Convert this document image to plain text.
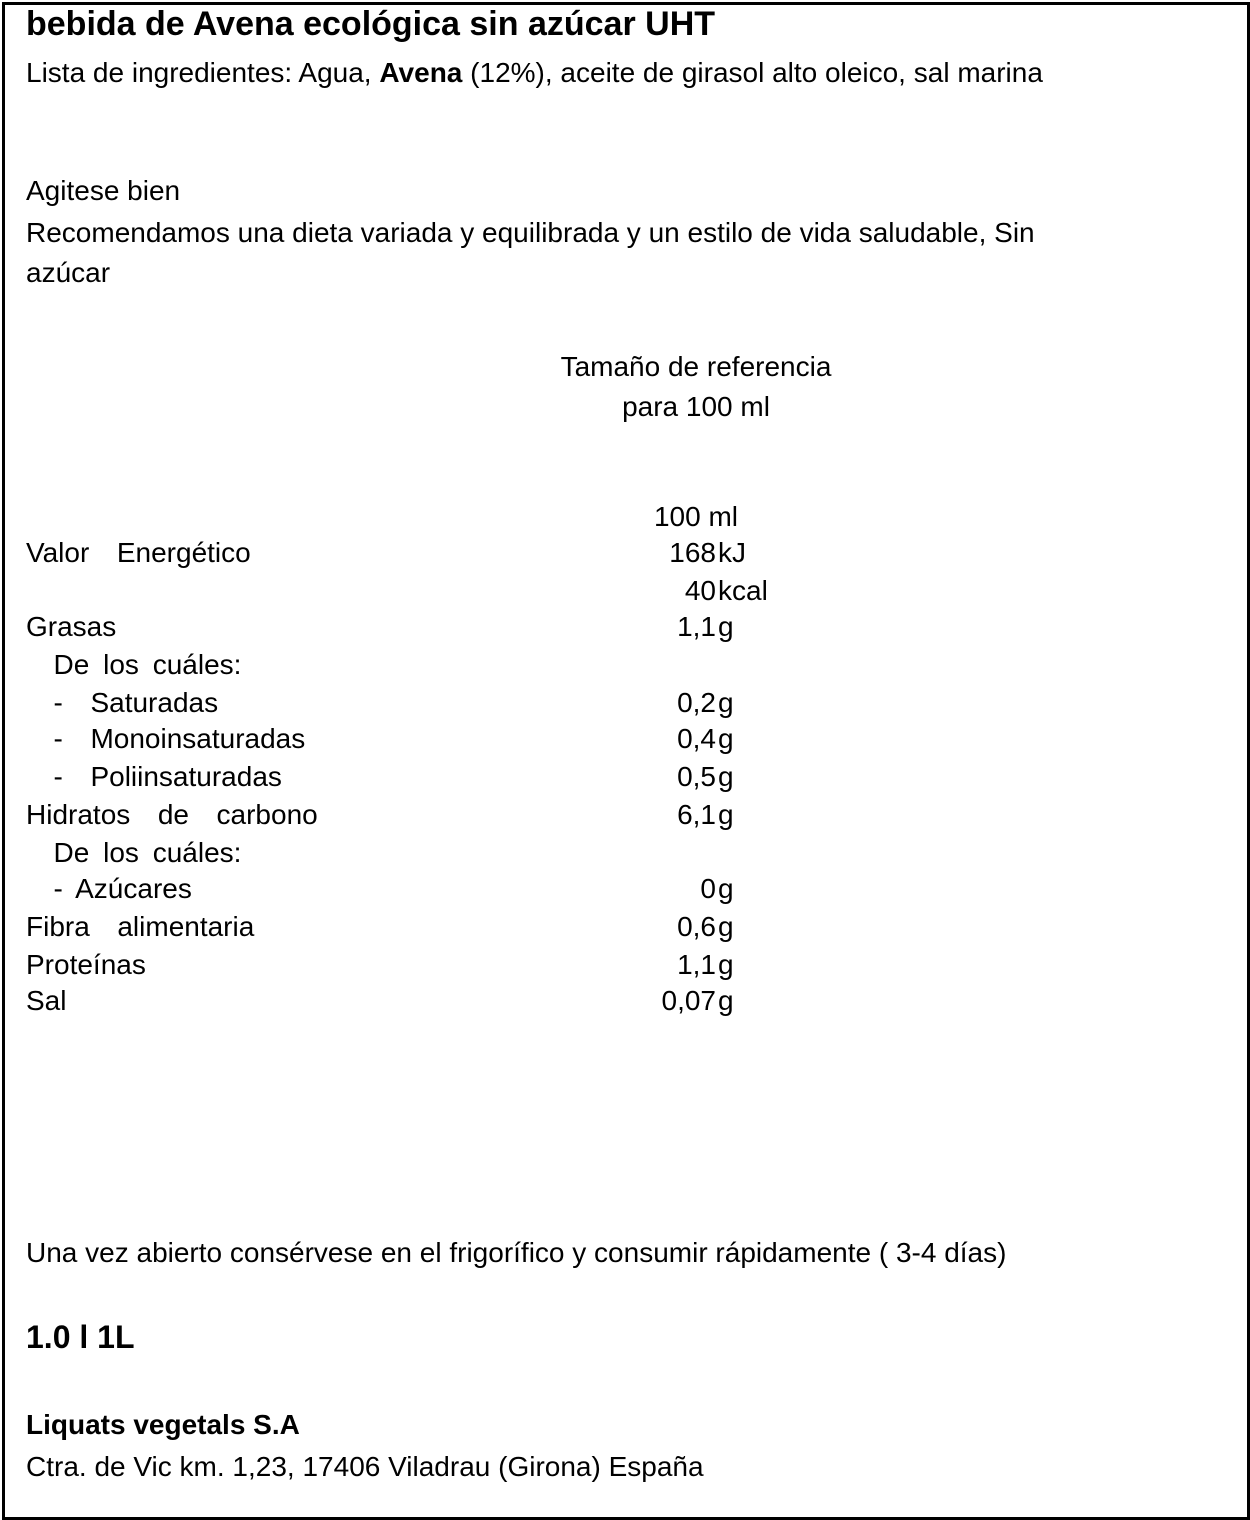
bebida de Avena ecológica sin azúcar UHT
Lista de ingredientes: Agua, Avena (12%), aceite de girasol alto oleico, sal marina
Agitese bien
Recomendamos una dieta variada y equilibrada y un estilo de vida saludable, Sin
azúcar
Tamaño de referencia
para 100 ml
100 ml
Valor  Energético	168 kJ
40 kcal
Grasas	1,1 g
De los cuáles:
-  Saturadas	0,2 g
-  Monoinsaturadas	0,4 g
-  Poliinsaturadas	0,5 g
Hidratos  de  carbono	6,1 g
De los cuáles:
- Azúcares	0 g
Fibra  alimentaria	0,6 g
Proteínas	1,1 g
Sal	0,07 g
Una vez abierto consérvese en el frigorífico y consumir rápidamente ( 3-4 días)
1.0 l 1L
Liquats vegetals S.A
Ctra. de Vic km. 1,23, 17406 Viladrau (Girona) España
